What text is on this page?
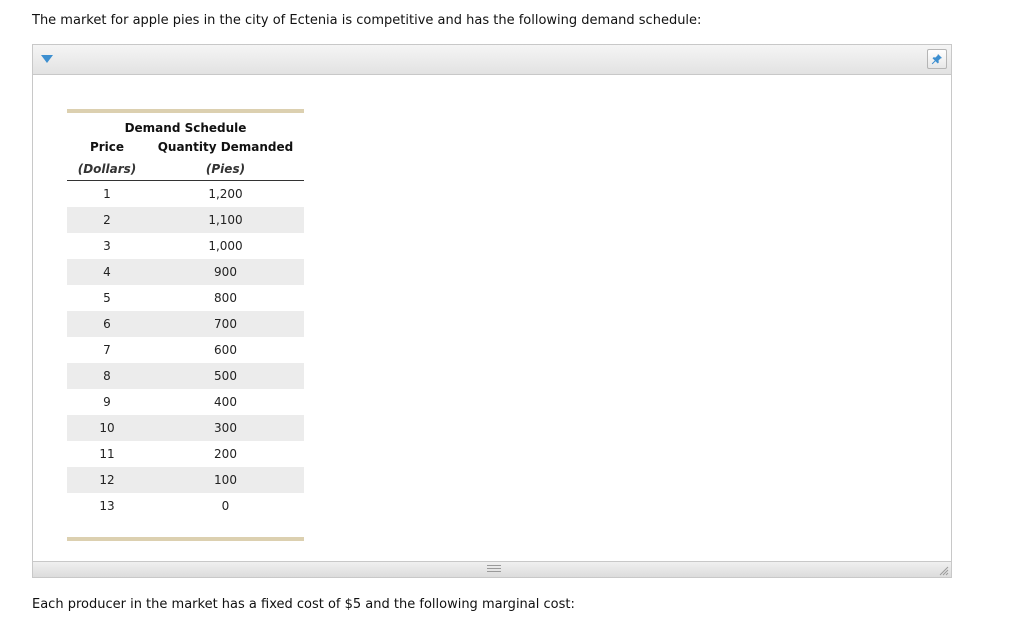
The market for apple pies in the city of Ectenia is competitive and has the following demand schedule:
Demand Schedule
Price	Quantity Demanded
(Dollars)	(Pies)
1	1,200
2	1,100
3	1,000
4	900
5	800
6	700
7	600
8	500
9	400
10	300
11	200
12	100
13	0
Each producer in the market has a fixed cost of $5 and the following marginal cost:
